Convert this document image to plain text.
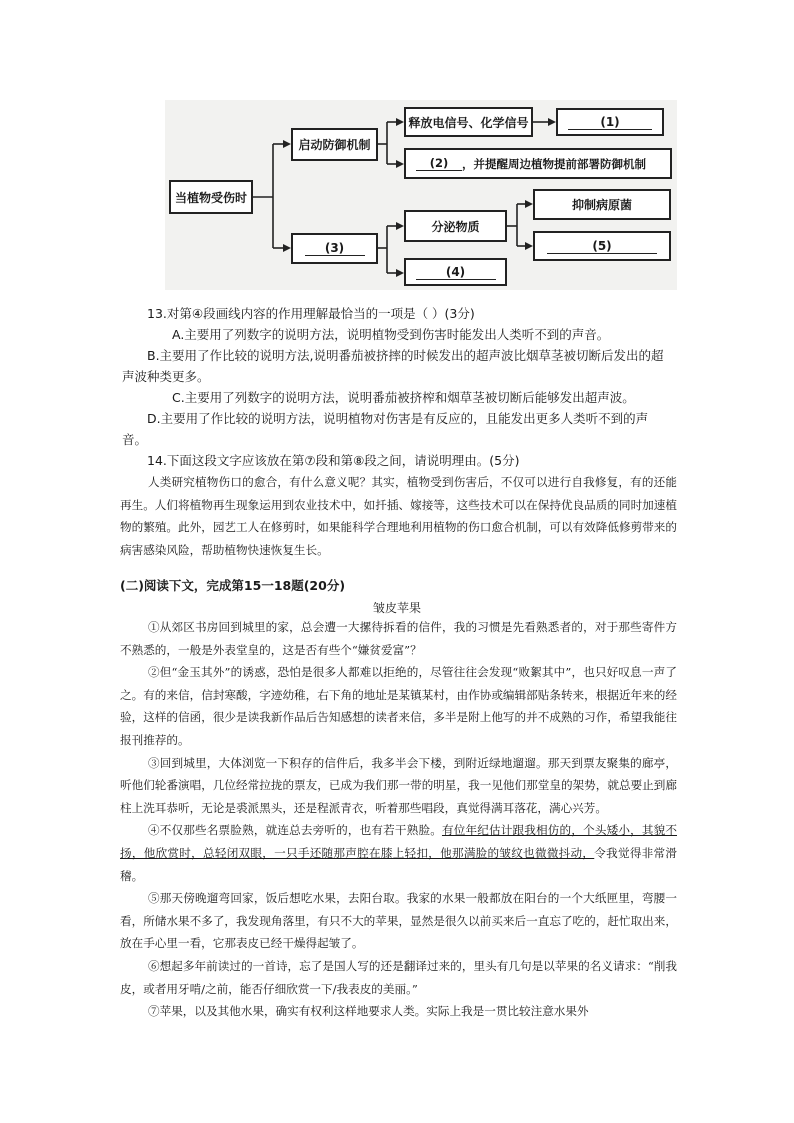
当植物受伤时
启动防御机制
释放电信号、化学信号	(1)
(2)	，并提醒周边植物提前部署防御机制
(3)
分泌物质
(4)
抑制病原菌
(5)

13.对第④段画线内容的作用理解最恰当的一项是（ ）(3分)

A.主要用了列数字的说明方法，说明植物受到伤害时能发出人类听不到的声音。

B.主要用了作比较的说明方法,说明番茄被挤摔的时候发出的超声波比烟草茎被切断后发出的超声波种类更多。

C.主要用了列数字的说明方法，说明番茄被挤榨和烟草茎被切断后能够发出超声波。

D.主要用了作比较的说明方法，说明植物对伤害是有反应的，且能发出更多人类听不到的声音。

14.下面这段文字应该放在第⑦段和第⑧段之间，请说明理由。(5分)

人类研究植物伤口的愈合，有什么意义呢？其实，植物受到伤害后，不仅可以进行自我修复，有的还能再生。人们将植物再生现象运用到农业技术中，如扦插、嫁接等，这些技术可以在保持优良品质的同时加速植物的繁殖。此外，园艺工人在修剪时，如果能科学合理地利用植物的伤口愈合机制，可以有效降低修剪带来的病害感染风险，帮助植物快速恢复生长。

(二)阅读下文，完成第15一18题(20分)
皱皮苹果

①从郊区书房回到城里的家，总会遭一大摞待拆看的信件，我的习惯是先看熟悉者的，对于那些寄件方不熟悉的，一般是外表堂皇的，这是否有些个“嫌贫爱富”？

②但“金玉其外”的诱惑，恐怕是很多人都难以拒绝的，尽管往往会发现“败絮其中”，也只好叹息一声了之。有的来信，信封寒酸，字迹幼稚，右下角的地址是某镇某村，由作协或编辑部贴条转来，根据近年来的经验，这样的信函，很少是读我新作品后告知感想的读者来信，多半是附上他写的并不成熟的习作，希望我能往报刊推荐的。

③回到城里，大体浏览一下积存的信件后，我多半会下楼，到附近绿地遛遛。那天到票友聚集的廊亭，听他们轮番演唱，几位经常拉拢的票友，已成为我们那一带的明星，我一见他们那堂皇的架势，就总要止到廊柱上洗耳恭听，无论是裘派黑头，还是程派青衣，听着那些唱段，真觉得满耳落花，满心兴芳。

④不仅那些名票脸熟，就连总去旁听的，也有若干熟脸。有位年纪估计跟我相仿的，个头矮小，其貌不扬，他欣赏时，总轻闭双眼，一只手还随那声腔在膝上轻扣，他那满脸的皱纹也微微抖动，令我觉得非常滑稽。

⑤那天傍晚遛弯回家，饭后想吃水果，去阳台取。我家的水果一般都放在阳台的一个大纸匣里，弯腰一看，所储水果不多了，我发现角落里，有只不大的苹果，显然是很久以前买来后一直忘了吃的，赶忙取出来，放在手心里一看，它那表皮已经干燥得起皱了。

⑥想起多年前读过的一首诗，忘了是国人写的还是翻译过来的，里头有几句是以苹果的名义请求：“削我皮，或者用牙啃/之前，能否仔细欣赏一下/我表皮的美丽。”

⑦苹果，以及其他水果，确实有权利这样地要求人类。实际上我是一贯比较注意水果外
